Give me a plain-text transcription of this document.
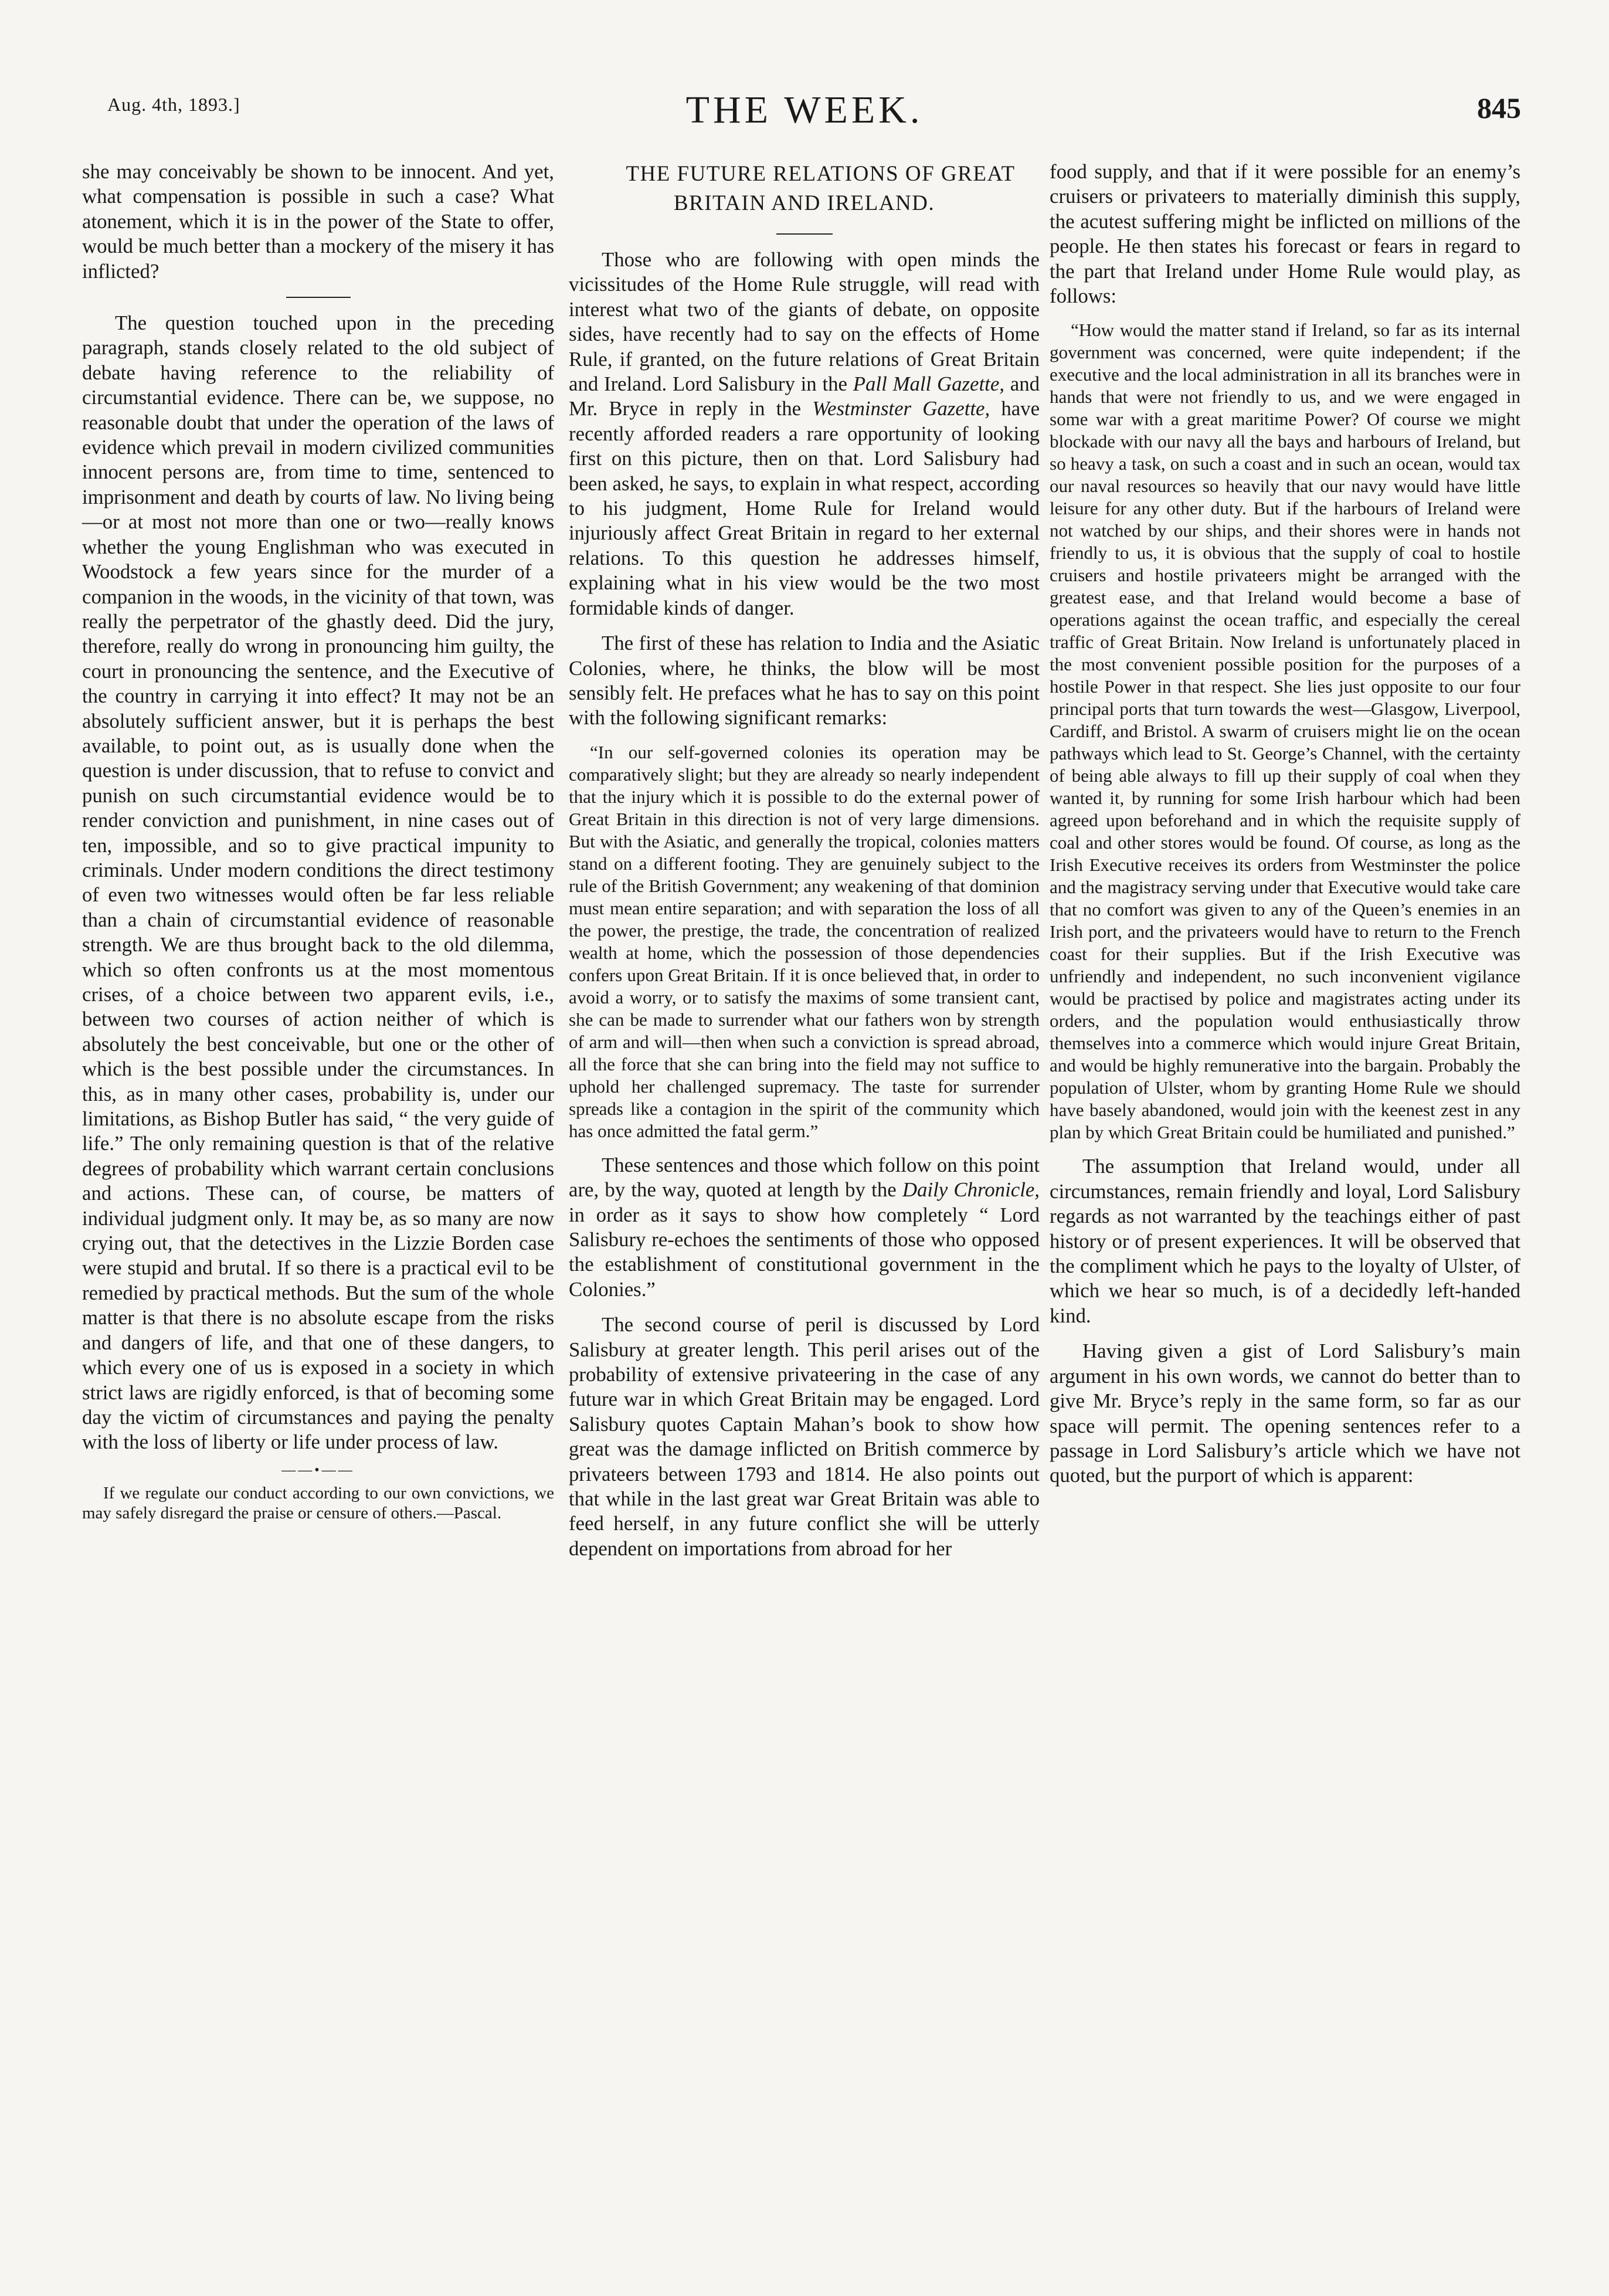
Aug. 4th, 1893.]	THE WEEK.	845

she may conceivably be shown to be innocent. And yet, what compensation is possible in such a case? What atonement, which it is in the power of the State to offer, would be much better than a mockery of the misery it has inflicted?

The question touched upon in the preceding paragraph, stands closely related to the old subject of debate having reference to the reliability of circumstantial evidence. There can be, we suppose, no reasonable doubt that under the operation of the laws of evidence which prevail in modern civilized communities innocent persons are, from time to time, sentenced to imprisonment and death by courts of law. No living being—or at most not more than one or two—really knows whether the young Englishman who was executed in Woodstock a few years since for the murder of a companion in the woods, in the vicinity of that town, was really the perpetrator of the ghastly deed. Did the jury, therefore, really do wrong in pronouncing him guilty, the court in pronouncing the sentence, and the Executive of the country in carrying it into effect? It may not be an absolutely sufficient answer, but it is perhaps the best available, to point out, as is usually done when the question is under discussion, that to refuse to convict and punish on such circumstantial evidence would be to render conviction and punishment, in nine cases out of ten, impossible, and so to give practical impunity to criminals. Under modern conditions the direct testimony of even two witnesses would often be far less reliable than a chain of circumstantial evidence of reasonable strength. We are thus brought back to the old dilemma, which so often confronts us at the most momentous crises, of a choice between two apparent evils, i.e., between two courses of action neither of which is absolutely the best conceivable, but one or the other of which is the best possible under the circumstances. In this, as in many other cases, probability is, under our limitations, as Bishop Butler has said, “ the very guide of life.” The only remaining question is that of the relative degrees of probability which warrant certain conclusions and actions. These can, of course, be matters of individual judgment only. It may be, as so many are now crying out, that the detectives in the Lizzie Borden case were stupid and brutal. If so there is a practical evil to be remedied by practical methods. But the sum of the whole matter is that there is no absolute escape from the risks and dangers of life, and that one of these dangers, to which every one of us is exposed in a society in which strict laws are rigidly enforced, is that of becoming some day the victim of circumstances and paying the penalty with the loss of liberty or life under process of law.

——•——

If we regulate our conduct according to our own convictions, we may safely disregard the praise or censure of others.—Pascal.

THE FUTURE RELATIONS OF GREAT
BRITAIN AND IRELAND.

Those who are following with open minds the vicissitudes of the Home Rule struggle, will read with interest what two of the giants of debate, on opposite sides, have recently had to say on the effects of Home Rule, if granted, on the future relations of Great Britain and Ireland. Lord Salisbury in the Pall Mall Gazette, and Mr. Bryce in reply in the Westminster Gazette, have recently afforded readers a rare opportunity of looking first on this picture, then on that. Lord Salisbury had been asked, he says, to explain in what respect, according to his judgment, Home Rule for Ireland would injuriously affect Great Britain in regard to her external relations. To this question he addresses himself, explaining what in his view would be the two most formidable kinds of danger.

The first of these has relation to India and the Asiatic Colonies, where, he thinks, the blow will be most sensibly felt. He prefaces what he has to say on this point with the following significant remarks:

“In our self-governed colonies its operation may be comparatively slight; but they are already so nearly independent that the injury which it is possible to do the external power of Great Britain in this direction is not of very large dimensions. But with the Asiatic, and generally the tropical, colonies matters stand on a different footing. They are genuinely subject to the rule of the British Government; any weakening of that dominion must mean entire separation; and with separation the loss of all the power, the prestige, the trade, the concentration of realized wealth at home, which the possession of those dependencies confers upon Great Britain. If it is once believed that, in order to avoid a worry, or to satisfy the maxims of some transient cant, she can be made to surrender what our fathers won by strength of arm and will—then when such a conviction is spread abroad, all the force that she can bring into the field may not suffice to uphold her challenged supremacy. The taste for surrender spreads like a contagion in the spirit of the community which has once admitted the fatal germ.”

These sentences and those which follow on this point are, by the way, quoted at length by the Daily Chronicle, in order as it says to show how completely “ Lord Salisbury re-echoes the sentiments of those who opposed the establishment of constitutional government in the Colonies.”

The second course of peril is discussed by Lord Salisbury at greater length. This peril arises out of the probability of extensive privateering in the case of any future war in which Great Britain may be engaged. Lord Salisbury quotes Captain Mahan’s book to show how great was the damage inflicted on British commerce by privateers between 1793 and 1814. He also points out that while in the last great war Great Britain was able to feed herself, in any future conflict she will be utterly dependent on importations from abroad for her

food supply, and that if it were possible for an enemy’s cruisers or privateers to materially diminish this supply, the acutest suffering might be inflicted on millions of the people. He then states his forecast or fears in regard to the part that Ireland under Home Rule would play, as follows:

“How would the matter stand if Ireland, so far as its internal government was concerned, were quite independent; if the executive and the local administration in all its branches were in hands that were not friendly to us, and we were engaged in some war with a great maritime Power? Of course we might blockade with our navy all the bays and harbours of Ireland, but so heavy a task, on such a coast and in such an ocean, would tax our naval resources so heavily that our navy would have little leisure for any other duty. But if the harbours of Ireland were not watched by our ships, and their shores were in hands not friendly to us, it is obvious that the supply of coal to hostile cruisers and hostile privateers might be arranged with the greatest ease, and that Ireland would become a base of operations against the ocean traffic, and especially the cereal traffic of Great Britain. Now Ireland is unfortunately placed in the most convenient possible position for the purposes of a hostile Power in that respect. She lies just opposite to our four principal ports that turn towards the west—Glasgow, Liverpool, Cardiff, and Bristol. A swarm of cruisers might lie on the ocean pathways which lead to St. George’s Channel, with the certainty of being able always to fill up their supply of coal when they wanted it, by running for some Irish harbour which had been agreed upon beforehand and in which the requisite supply of coal and other stores would be found. Of course, as long as the Irish Executive receives its orders from Westminster the police and the magistracy serving under that Executive would take care that no comfort was given to any of the Queen’s enemies in an Irish port, and the privateers would have to return to the French coast for their supplies. But if the Irish Executive was unfriendly and independent, no such inconvenient vigilance would be practised by police and magistrates acting under its orders, and the population would enthusiastically throw themselves into a commerce which would injure Great Britain, and would be highly remunerative into the bargain. Probably the population of Ulster, whom by granting Home Rule we should have basely abandoned, would join with the keenest zest in any plan by which Great Britain could be humiliated and punished.”

The assumption that Ireland would, under all circumstances, remain friendly and loyal, Lord Salisbury regards as not warranted by the teachings either of past history or of present experiences. It will be observed that the compliment which he pays to the loyalty of Ulster, of which we hear so much, is of a decidedly left-handed kind.

Having given a gist of Lord Salisbury’s main argument in his own words, we cannot do better than to give Mr. Bryce’s reply in the same form, so far as our space will permit. The opening sentences refer to a passage in Lord Salisbury’s article which we have not quoted, but the purport of which is apparent:
